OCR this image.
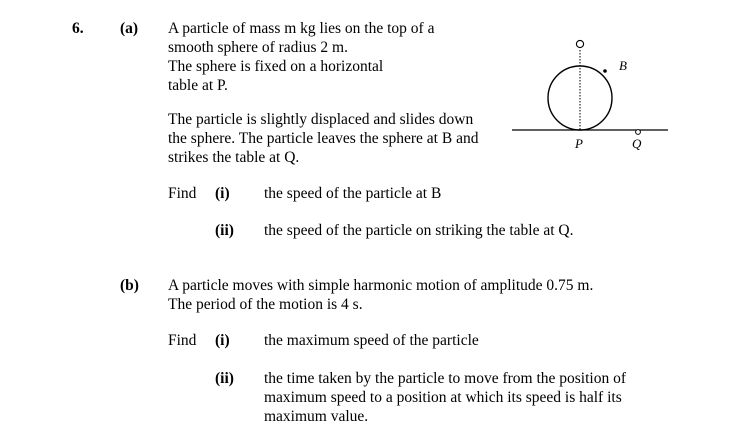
6. (a) A particle of mass m kg lies on the top of a
smooth sphere of radius 2 m.
The sphere is fixed on a horizontal
table at P.
The particle is slightly displaced and slides down
the sphere. The particle leaves the sphere at B and
strikes the table at Q.
Find (i) the speed of the particle at B
(ii) the speed of the particle on striking the table at Q.
B
P	Q
(b) A particle moves with simple harmonic motion of amplitude 0.75 m.
The period of the motion is 4 s.
Find (i) the maximum speed of the particle
(ii) the time taken by the particle to move from the position of
maximum speed to a position at which its speed is half its
maximum value.
